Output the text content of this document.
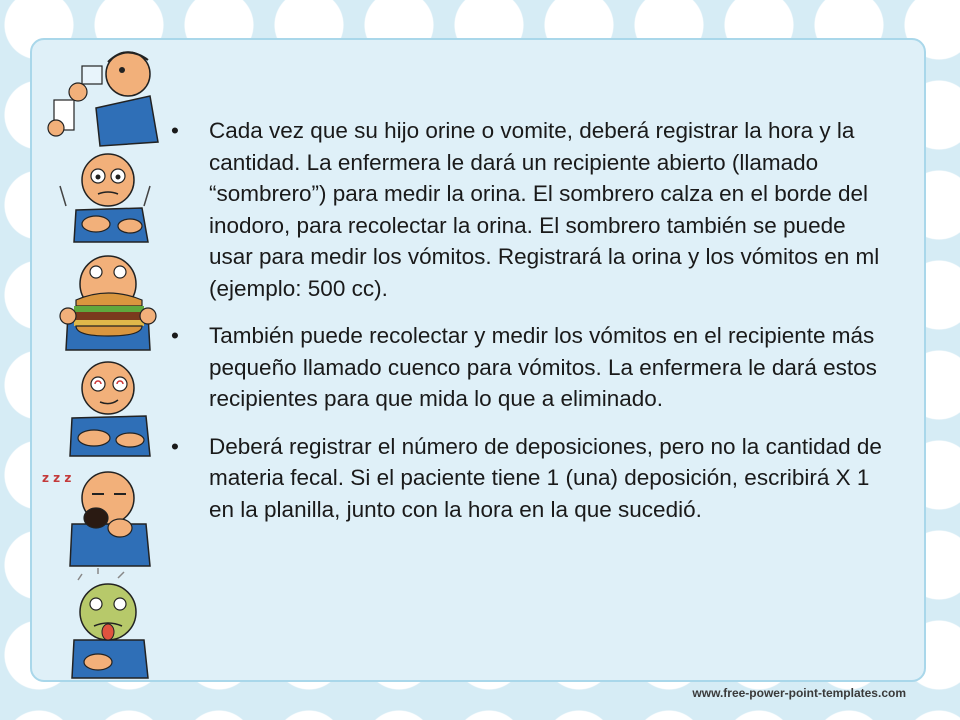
z z z
• Cada vez que su hijo orine o vomite, deberá registrar la hora y la cantidad. La enfermera le dará un recipiente abierto (llamado “sombrero”) para medir la orina. El sombrero calza en el borde del inodoro, para recolectar la orina. El sombrero también se puede usar para medir los vómitos. Registrará la orina y los vómitos en ml (ejemplo: 500 cc).
• También puede recolectar y medir los vómitos en el recipiente más pequeño llamado cuenco para vómitos. La enfermera le dará estos recipientes para que mida lo que a eliminado.
• Deberá registrar el número de deposiciones, pero no la cantidad de materia fecal. Si el paciente tiene 1 (una) deposición, escribirá X 1 en la planilla, junto con la hora en la que sucedió.
www.free-power-point-templates.com
